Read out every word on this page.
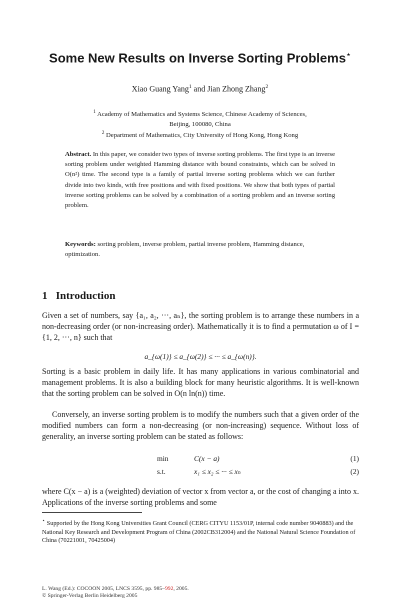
Some New Results on Inverse Sorting Problems⋆
Xiao Guang Yang$^1$ and Jian Zhong Zhang$^2$
$^1$ Academy of Mathematics and Systems Science, Chinese Academy of Sciences,
Beijing, 100080, China
$^2$ Department of Mathematics, City University of Hong Kong, Hong Kong
Abstract. In this paper, we consider two types of inverse sorting problems. The first type is an inverse sorting problem under weighted Hamming distance with bound constraints, which can be solved in O(n²) time. The second type is a family of partial inverse sorting problems which we can further divide into two kinds, with free positions and with fixed positions. We show that both types of partial inverse sorting problems can be solved by a combination of a sorting problem and an inverse sorting problem.
Keywords: sorting problem, inverse problem, partial inverse problem, Hamming distance, optimization.
1 Introduction
Given a set of numbers, say {a₁, a₂, ···, aₙ}, the sorting problem is to arrange these numbers in a non-decreasing order (or non-increasing order). Mathematically it is to find a permutation ω of I = {1, 2, ···, n} such that
a_{ω(1)} ≤ a_{ω(2)} ≤ ··· ≤ a_{ω(n)}.
Sorting is a basic problem in daily life. It has many applications in various combinatorial and management problems. It is also a building block for many heuristic algorithms. It is well-known that the sorting problem can be solved in O(n ln(n)) time.
Conversely, an inverse sorting problem is to modify the numbers such that a given order of the modified numbers can form a non-decreasing (or non-increasing) sequence. Without loss of generality, an inverse sorting problem can be stated as follows:
min	C(x − a)	(1)
s.t.	x₁ ≤ x₂ ≤ ··· ≤ xₙ	(2)
where C(x − a) is a (weighted) deviation of vector x from vector a, or the cost of changing a into x. Applications of the inverse sorting problems and some
⋆ Supported by the Hong Kong Universities Grant Council (CERG CITYU 1153/01P, internal code number 9040883) and the National Key Research and Development Program of China (2002CB312004) and the National Natural Science Foundation of China (70221001, 70425004)
L. Wang (Ed.): COCOON 2005, LNCS 3595, pp. 985–992, 2005.
© Springer-Verlag Berlin Heidelberg 2005
